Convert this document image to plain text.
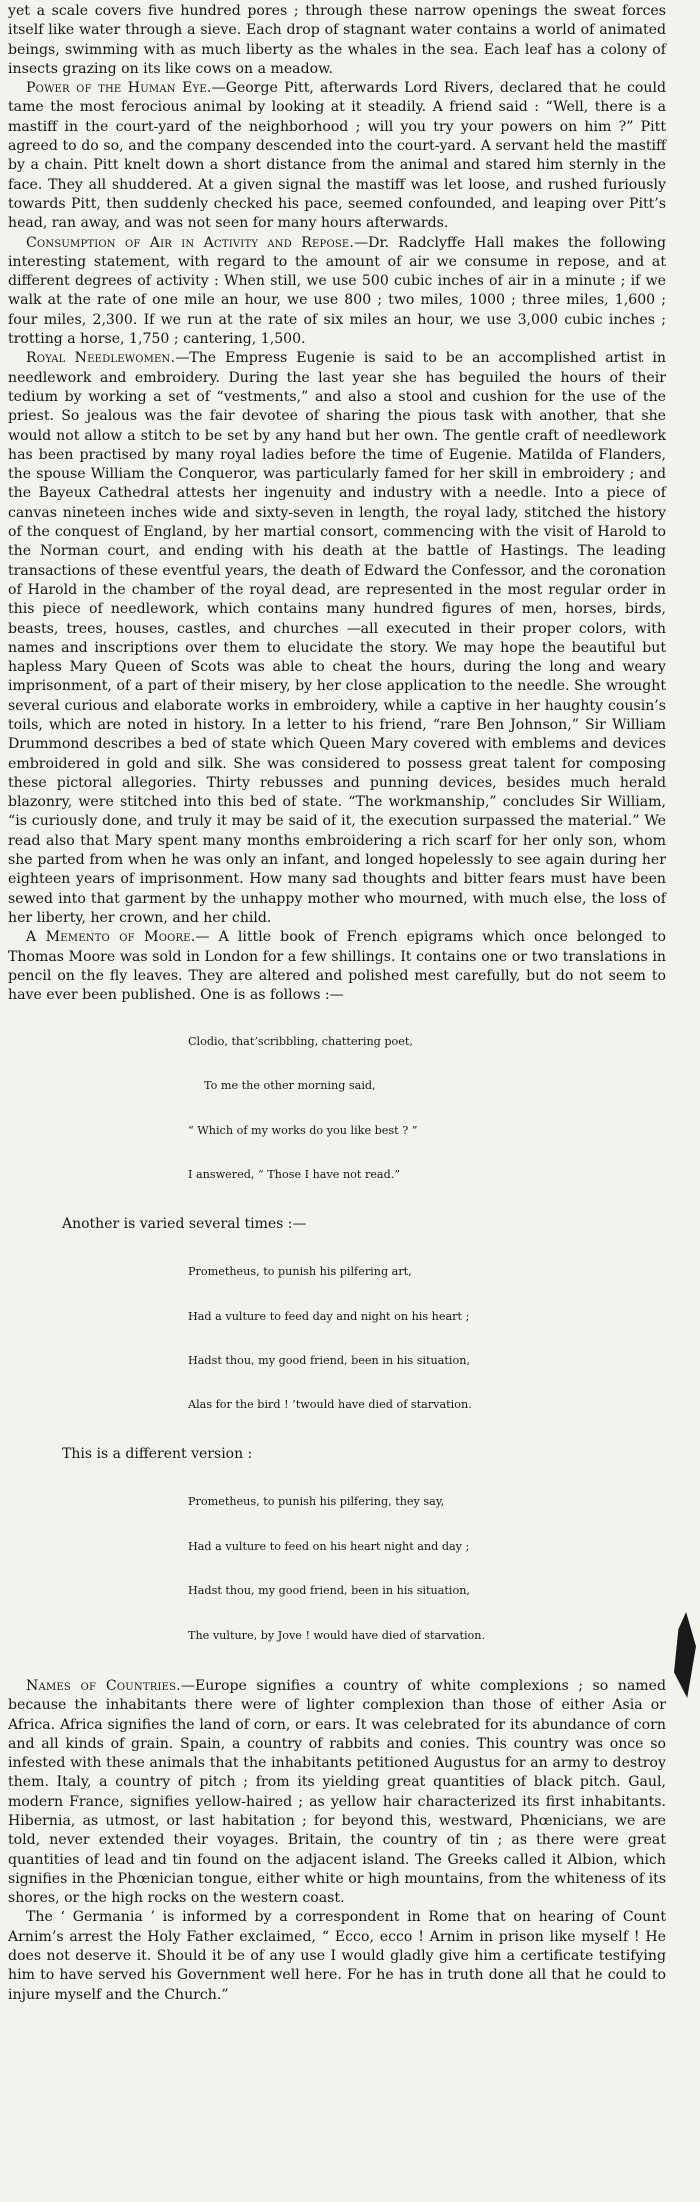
yet a scale covers five hundred pores ; through these narrow openings the sweat forces itself like water through a sieve. Each drop of stagnant water contains a world of animated beings, swimming with as much liberty as the whales in the sea. Each leaf has a colony of insects grazing on its like cows on a meadow.

Power of the Human Eye.—George Pitt, afterwards Lord Rivers, declared that he could tame the most ferocious animal by looking at it steadily. A friend said : “Well, there is a mastiff in the court-yard of the neighborhood ; will you try your powers on him ?” Pitt agreed to do so, and the company descended into the court-yard. A servant held the mastiff by a chain. Pitt knelt down a short distance from the animal and stared him sternly in the face. They all shuddered. At a given signal the mastiff was let loose, and rushed furiously towards Pitt, then suddenly checked his pace, seemed confounded, and leaping over Pitt’s head, ran away, and was not seen for many hours afterwards.

Consumption of Air in Activity and Repose.—Dr. Radclyffe Hall makes the following interesting statement, with regard to the amount of air we consume in repose, and at different degrees of activity : When still, we use 500 cubic inches of air in a minute ; if we walk at the rate of one mile an hour, we use 800 ; two miles, 1000 ; three miles, 1,600 ; four miles, 2,300. If we run at the rate of six miles an hour, we use 3,000 cubic inches ; trotting a horse, 1,750 ; cantering, 1,500.

Royal Needlewomen.—The Empress Eugenie is said to be an accomplished artist in needlework and embroidery. During the last year she has beguiled the hours of their tedium by working a set of “vestments,” and also a stool and cushion for the use of the priest. So jealous was the fair devotee of sharing the pious task with another, that she would not allow a stitch to be set by any hand but her own. The gentle craft of needlework has been practised by many royal ladies before the time of Eugenie. Matilda of Flanders, the spouse William the Conqueror, was particularly famed for her skill in embroidery ; and the Bayeux Cathedral attests her ingenuity and industry with a needle. Into a piece of canvas nineteen inches wide and sixty-seven in length, the royal lady, stitched the history of the conquest of England, by her martial consort, commencing with the visit of Harold to the Norman court, and ending with his death at the battle of Hastings. The leading transactions of these eventful years, the death of Edward the Confessor, and the coronation of Harold in the chamber of the royal dead, are represented in the most regular order in this piece of needlework, which contains many hundred figures of men, horses, birds, beasts, trees, houses, castles, and churches —all executed in their proper colors, with names and inscriptions over them to elucidate the story. We may hope the beautiful but hapless Mary Queen of Scots was able to cheat the hours, during the long and weary imprisonment, of a part of their misery, by her close application to the needle. She wrought several curious and elaborate works in embroidery, while a captive in her haughty cousin’s toils, which are noted in history. In a letter to his friend, “rare Ben Johnson,” Sir William Drummond describes a bed of state which Queen Mary covered with emblems and devices embroidered in gold and silk. She was considered to possess great talent for composing these pictoral allegories. Thirty rebusses and punning devices, besides much herald blazonry, were stitched into this bed of state. “The workmanship,” concludes Sir William, “is curiously done, and truly it may be said of it, the execution surpassed the material.” We read also that Mary spent many months embroidering a rich scarf for her only son, whom she parted from when he was only an infant, and longed hopelessly to see again during her eighteen years of imprisonment. How many sad thoughts and bitter fears must have been sewed into that garment by the unhappy mother who mourned, with much else, the loss of her liberty, her crown, and her child.

A Memento of Moore.— A little book of French epigrams which once belonged to Thomas Moore was sold in London for a few shillings. It contains one or two translations in pencil on the fly leaves. They are altered and polished mest carefully, but do not seem to have ever been published. One is as follows :—

Clodio, that’scribbling, chattering poet,

To me the other morning said,

“ Which of my works do you like best ? ”

I answered, “ Those I have not read.”

Another is varied several times :—

Prometheus, to punish his pilfering art,

Had a vulture to feed day and night on his heart ;

Hadst thou, my good friend, been in his situation,

Alas for the bird ! ’twould have died of starvation.

This is a different version :

Prometheus, to punish his pilfering, they say,

Had a vulture to feed on his heart night and day ;

Hadst thou, my good friend, been in his situation,

The vulture, by Jove ! would have died of starvation.

Names of Countries.—Europe signifies a country of white complexions ; so named because the inhabitants there were of lighter complexion than those of either Asia or Africa. Africa signifies the land of corn, or ears. It was celebrated for its abundance of corn and all kinds of grain. Spain, a country of rabbits and conies. This country was once so infested with these animals that the inhabitants petitioned Augustus for an army to destroy them. Italy, a country of pitch ; from its yielding great quantities of black pitch. Gaul, modern France, signifies yellow-haired ; as yellow hair characterized its first inhabitants. Hibernia, as utmost, or last habitation ; for beyond this, westward, Phœnicians, we are told, never extended their voyages. Britain, the country of tin ; as there were great quantities of lead and tin found on the adjacent island. The Greeks called it Albion, which signifies in the Phœnician tongue, either white or high mountains, from the whiteness of its shores, or the high rocks on the western coast.

The ‘ Germania ’ is informed by a correspondent in Rome that on hearing of Count Arnim’s arrest the Holy Father exclaimed, “ Ecco, ecco ! Arnim in prison like myself ! He does not deserve it. Should it be of any use I would gladly give him a certificate testifying him to have served his Government well here. For he has in truth done all that he could to injure myself and the Church.”
